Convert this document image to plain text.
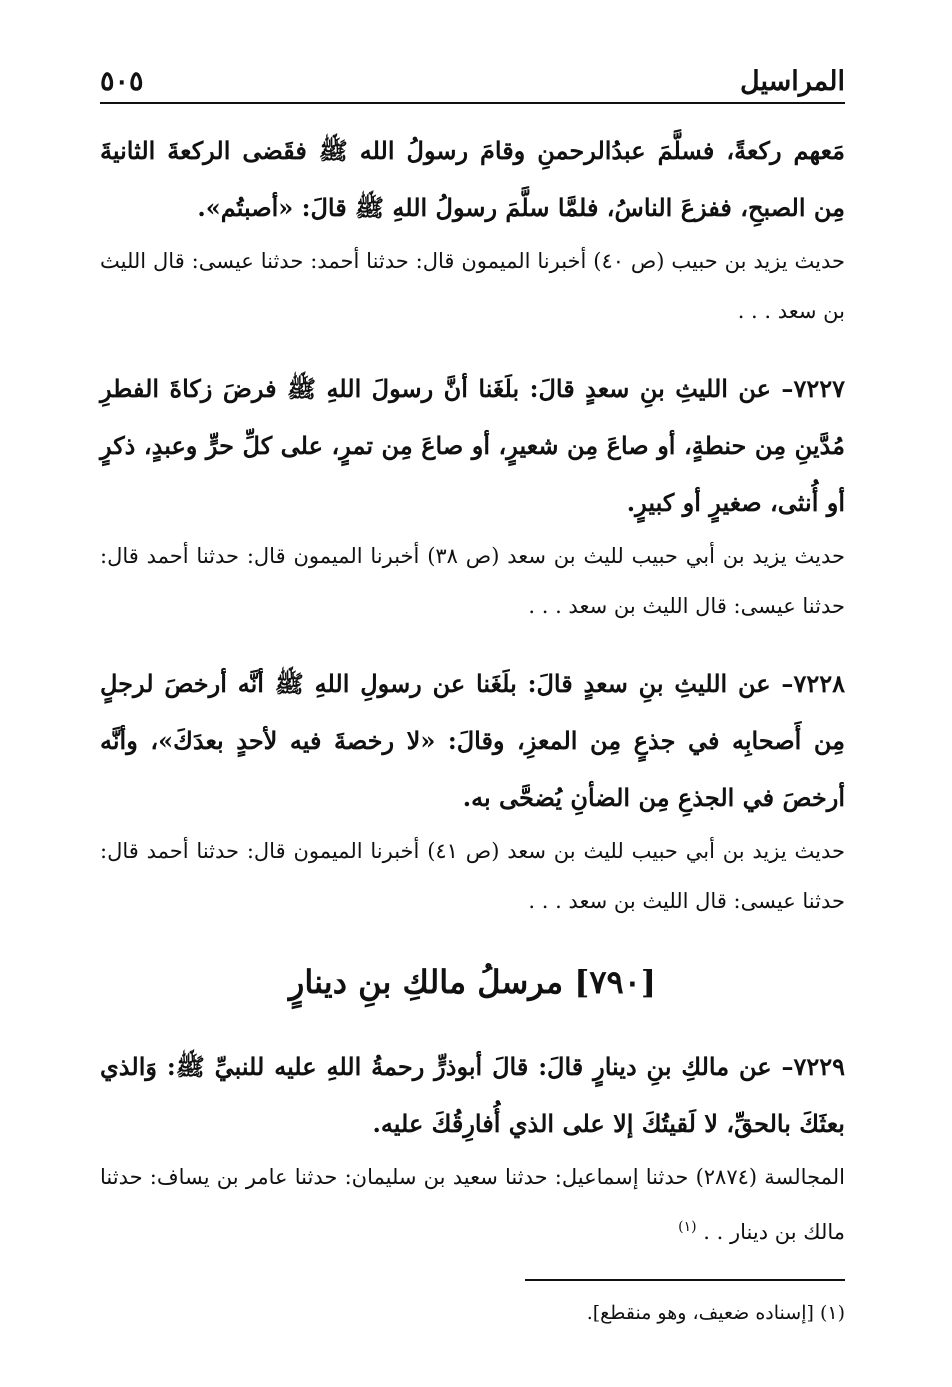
المراسيل
٥٠٥

مَعهم ركعةً، فسلَّمَ عبدُالرحمنِ وقامَ رسولُ الله ﷺ فقَضى الركعةَ الثانيةَ مِن الصبحِ، ففزعَ الناسُ، فلمَّا سلَّمَ رسولُ اللهِ ﷺ قالَ: «أصبتُم».

حديث يزيد بن حبيب (ص ٤٠) أخبرنا الميمون قال: حدثنا أحمد: حدثنا عيسى: قال الليث بن سعد . . .

٧٢٢٧– عن الليثِ بنِ سعدٍ قالَ: بلَغَنا أنَّ رسولَ اللهِ ﷺ فرضَ زكاةَ الفطرِ مُدَّينِ مِن حنطةٍ، أو صاعَ مِن شعيرٍ، أو صاعَ مِن تمرٍ، على كلِّ حرٍّ وعبدٍ، ذكرٍ أو أُنثى، صغيرٍ أو كبيرٍ.

حديث يزيد بن أبي حبيب لليث بن سعد (ص ٣٨) أخبرنا الميمون قال: حدثنا أحمد قال: حدثنا عيسى: قال الليث بن سعد . . .

٧٢٢٨– عن الليثِ بنِ سعدٍ قالَ: بلَغَنا عن رسولِ اللهِ ﷺ أنَّه أرخصَ لرجلٍ مِن أَصحابِه في جذعٍ مِن المعزِ، وقالَ: «لا رخصةَ فيه لأحدٍ بعدَكَ»، وأنَّه أرخصَ في الجذعِ مِن الضأنِ يُضحَّى به.

حديث يزيد بن أبي حبيب لليث بن سعد (ص ٤١) أخبرنا الميمون قال: حدثنا أحمد قال: حدثنا عيسى: قال الليث بن سعد . . .

[٧٩٠] مرسلُ مالكِ بنِ دينارٍ

٧٢٢٩– عن مالكِ بنِ دينارٍ قالَ: قالَ أبوذرٍّ رحمةُ اللهِ عليه للنبيِّ ﷺ: وَالذي بعثَكَ بالحقِّ، لا لَقيتُكَ إلا على الذي أُفارِقُكَ عليه.

المجالسة (٢٨٧٤) حدثنا إسماعيل: حدثنا سعيد بن سليمان: حدثنا عامر بن يساف: حدثنا مالك بن دينار . . $^{(١)}$

(١) [إسناده ضعيف، وهو منقطع].
